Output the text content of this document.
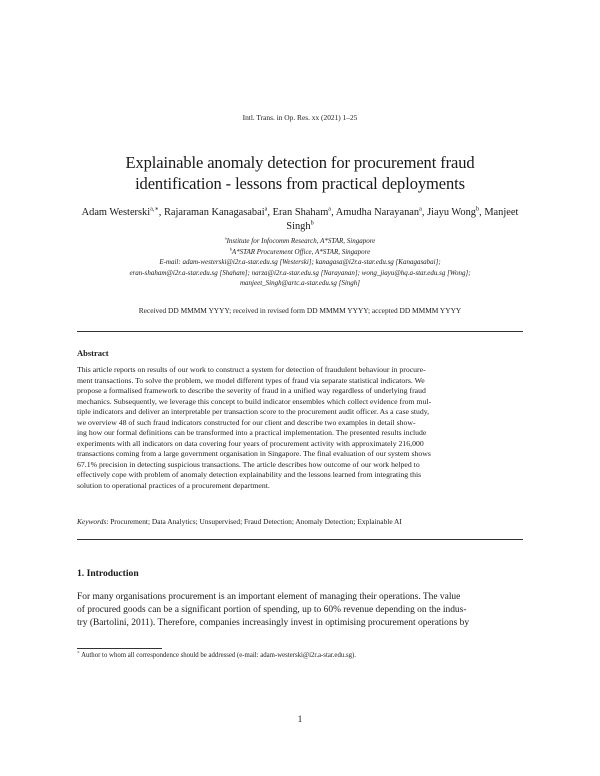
Intl. Trans. in Op. Res. xx (2021) 1–25
Explainable anomaly detection for procurement fraud
identification - lessons from practical deployments
Adam Westerski$^{a,∗}$, Rajaraman Kanagasabai$^a$, Eran Shaham$^a$, Amudha Narayanan$^a$, Jiayu Wong$^b$, Manjeet Singh$^b$
$^a$Institute for Infocomm Research, A*STAR, Singapore
$^b$A*STAR Procurement Office, A*STAR, Singapore
E-mail: adam-westerski@i2r.a-star.edu.sg [Westerski]; kanagasa@i2r.a-star.edu.sg [Kanagasabai];
eran-shaham@i2r.a-star.edu.sg [Shaham]; narza@i2r.a-star.edu.sg [Narayanan]; wong_jiayu@hq.a-star.edu.sg [Wong];
manjeet_Singh@artc.a-star.edu.sg [Singh]
Received DD MMMM YYYY; received in revised form DD MMMM YYYY; accepted DD MMMM YYYY
Abstract
This article reports on results of our work to construct a system for detection of fraudulent behaviour in procure-
ment transactions. To solve the problem, we model different types of fraud via separate statistical indicators. We
propose a formalised framework to describe the severity of fraud in a unified way regardless of underlying fraud
mechanics. Subsequently, we leverage this concept to build indicator ensembles which collect evidence from mul-
tiple indicators and deliver an interpretable per transaction score to the procurement audit officer. As a case study,
we overview 48 of such fraud indicators constructed for our client and describe two examples in detail show-
ing how our formal definitions can be transformed into a practical implementation. The presented results include
experiments with all indicators on data covering four years of procurement activity with approximately 216,000
transactions coming from a large government organisation in Singapore. The final evaluation of our system shows
67.1% precision in detecting suspicious transactions. The article describes how outcome of our work helped to
effectively cope with problem of anomaly detection explainability and the lessons learned from integrating this
solution to operational practices of a procurement department.
Keywords: Procurement; Data Analytics; Unsupervised; Fraud Detection; Anomaly Detection; Explainable AI
1. Introduction
For many organisations procurement is an important element of managing their operations. The value
of procured goods can be a significant portion of spending, up to 60% revenue depending on the indus-
try (Bartolini, 2011). Therefore, companies increasingly invest in optimising procurement operations by
∗ Author to whom all correspondence should be addressed (e-mail: adam-westerski@i2r.a-star.edu.sg).
1
